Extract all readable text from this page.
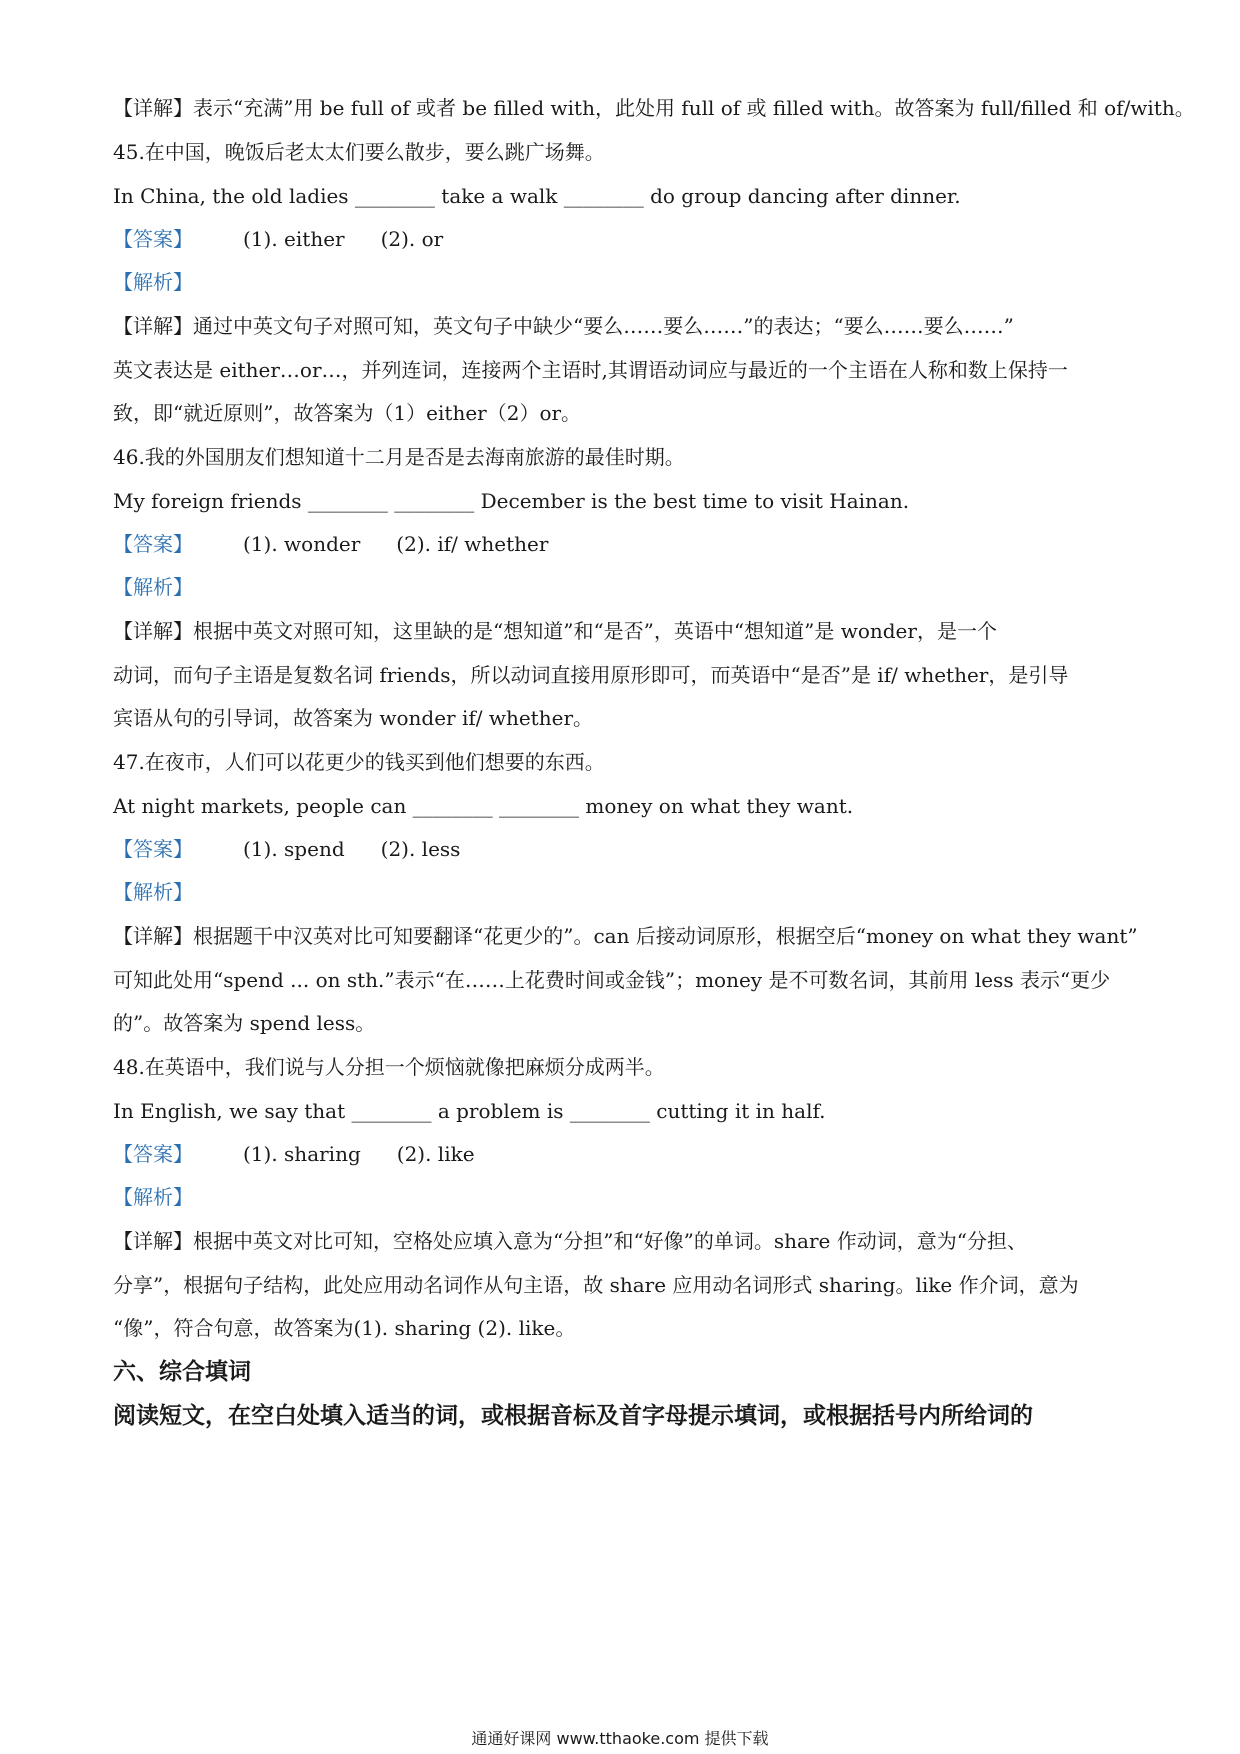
【详解】表示“充满”用 be full of 或者 be filled with，此处用 full of 或 filled with。故答案为 full/filled 和 of/with。
45.在中国，晚饭后老太太们要么散步，要么跳广场舞。
In China, the old ladies ________ take a walk ________ do group dancing after dinner.
【答案】	(1). either (2). or
【解析】
【详解】通过中英文句子对照可知，英文句子中缺少“要么……要么……”的表达；“要么……要么……”
英文表达是 either…or…，并列连词，连接两个主语时,其谓语动词应与最近的一个主语在人称和数上保持一
致，即“就近原则”，故答案为（1）either（2）or。
46.我的外国朋友们想知道十二月是否是去海南旅游的最佳时期。
My foreign friends ________ ________ December is the best time to visit Hainan.
【答案】	(1). wonder (2). if/ whether
【解析】
【详解】根据中英文对照可知，这里缺的是“想知道”和“是否”，英语中“想知道”是 wonder，是一个
动词，而句子主语是复数名词 friends，所以动词直接用原形即可，而英语中“是否”是 if/ whether，是引导
宾语从句的引导词，故答案为 wonder if/ whether。
47.在夜市，人们可以花更少的钱买到他们想要的东西。
At night markets, people can ________ ________ money on what they want.
【答案】	(1). spend (2). less
【解析】
【详解】根据题干中汉英对比可知要翻译“花更少的”。can 后接动词原形，根据空后“money on what they want”
可知此处用“spend ... on sth.”表示“在……上花费时间或金钱”；money 是不可数名词，其前用 less 表示“更少
的”。故答案为 spend less。
48.在英语中，我们说与人分担一个烦恼就像把麻烦分成两半。
In English, we say that ________ a problem is ________ cutting it in half.
【答案】	(1). sharing (2). like
【解析】
【详解】根据中英文对比可知，空格处应填入意为“分担”和“好像”的单词。share 作动词，意为“分担、
分享”，根据句子结构，此处应用动名词作从句主语，故 share 应用动名词形式 sharing。like 作介词，意为
“像”，符合句意，故答案为(1). sharing (2). like。
六、综合填词
阅读短文，在空白处填入适当的词，或根据音标及首字母提示填词，或根据括号内所给词的
通通好课网 www.tthaoke.com 提供下载
